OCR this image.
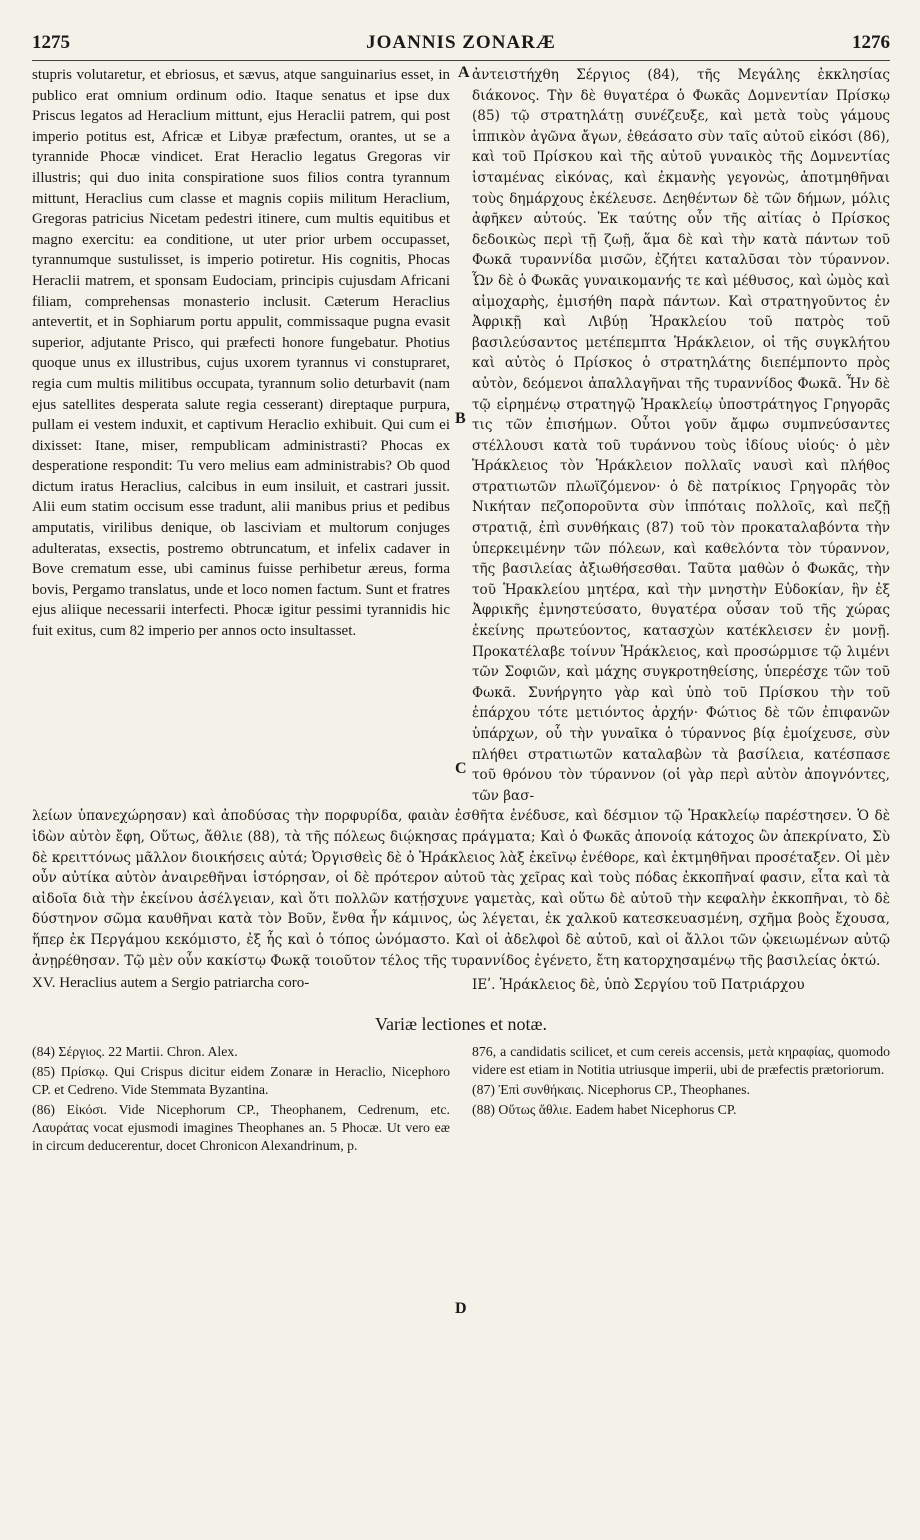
1275	JOANNIS ZONARÆ	1276
A
B
C
D

stupris volutaretur, et ebriosus, et sævus, atque sanguinarius esset, in publico erat omnium ordinum odio. Itaque senatus et ipse dux Priscus legatos ad Heraclium mittunt, ejus Heraclii patrem, qui post imperio potitus est, Africæ et Libyæ præfectum, orantes, ut se a tyrannide Phocæ vindicet. Erat Heraclio legatus Gregoras vir illustris; qui duo inita conspiratione suos filios contra tyrannum mittunt, Heraclius cum classe et magnis copiis militum Heraclium, Gregoras patricius Nicetam pedestri itinere, cum multis equitibus et magno exercitu: ea conditione, ut uter prior urbem occupasset, tyrannumque sustulisset, is imperio potiretur. His cognitis, Phocas Heraclii matrem, et sponsam Eudociam, principis cujusdam Africani filiam, comprehensas monasterio inclusit. Cæterum Heraclius antevertit, et in Sophiarum portu appulit, commissaque pugna evasit superior, adjutante Prisco, qui præfecti honore fungebatur. Photius quoque unus ex illustribus, cujus uxorem tyrannus vi constupraret, regia cum multis militibus occupata, tyrannum solio deturbavit (nam ejus satellites desperata salute regia cesserant) direptaque purpura, pullam ei vestem induxit, et captivum Heraclio exhibuit. Qui cum ei dixisset: Itane, miser, rempublicam administrasti? Phocas ex desperatione respondit: Tu vero melius eam administrabis? Ob quod dictum iratus Heraclius, calcibus in eum insiluit, et castrari jussit. Alii eum statim occisum esse tradunt, alii manibus prius et pedibus amputatis, virilibus denique, ob lasciviam et multorum conjuges adulteratas, exsectis, postremo obtruncatum, et infelix cadaver in Bove crematum esse, ubi caminus fuisse perhibetur æreus, forma bovis, Pergamo translatus, unde et loco nomen factum. Sunt et fratres ejus aliique necessarii interfecti. Phocæ igitur pessimi tyrannidis hic fuit exitus, cum 82 imperio per annos octo insultasset.

ἀντειστήχθη Σέργιος (84), τῆς Μεγάλης ἐκκλησίας διάκονος. Τὴν δὲ θυγατέρα ὁ Φωκᾶς Δομνεντίαν Πρίσκῳ (85) τῷ στρατηλάτῃ συνέζευξε, καὶ μετὰ τοὺς γάμους ἱππικὸν ἀγῶνα ἄγων, ἐθεάσατο σὺν ταῖς αὐτοῦ εἰκόσι (86), καὶ τοῦ Πρίσκου καὶ τῆς αὐτοῦ γυναικὸς τῆς Δομνεντίας ἱσταμένας εἰκόνας, καὶ ἐκμανὴς γεγονὼς, ἀποτμηθῆναι τοὺς δημάρχους ἐκέλευσε. Δεηθέντων δὲ τῶν δήμων, μόλις ἀφῆκεν αὐτούς. Ἐκ ταύτης οὖν τῆς αἰτίας ὁ Πρίσκος δεδοικὼς περὶ τῇ ζωῇ, ἅμα δὲ καὶ τὴν κατὰ πάντων τοῦ Φωκᾶ τυραννίδα μισῶν, ἐζήτει καταλῦσαι τὸν τύραννον. Ὧν δὲ ὁ Φωκᾶς γυναικομανής τε καὶ μέθυσος, καὶ ὠμὸς καὶ αἱμοχαρὴς, ἐμισήθη παρὰ πάντων. Καὶ στρατηγοῦντος ἐν Ἀφρικῇ καὶ Λιβύῃ Ἡρακλείου τοῦ πατρὸς τοῦ βασιλεύσαντος μετέπεμπτα Ἡράκλειον, οἱ τῆς συγκλήτου καὶ αὐτὸς ὁ Πρίσκος ὁ στρατηλάτης διεπέμποντο πρὸς αὐτὸν, δεόμενοι ἀπαλλαγῆναι τῆς τυραννίδος Φωκᾶ. Ἦν δὲ τῷ εἰρημένῳ στρατηγῷ Ἡρακλείῳ ὑποστράτηγος Γρηγορᾶς τις τῶν ἐπισήμων. Οὗτοι γοῦν ἄμφω συμπνεύσαντες στέλλουσι κατὰ τοῦ τυράννου τοὺς ἰδίους υἱούς· ὁ μὲν Ἡράκλειος τὸν Ἡράκλειον πολλαῖς ναυσὶ καὶ πλήθος στρατιωτῶν πλωϊζόμενον· ὁ δὲ πατρίκιος Γρηγορᾶς τὸν Νικήταν πεζοπορoῦντα σὺν ἱππόταις πολλοῖς, καὶ πεζῇ στρατιᾷ, ἐπὶ συνθήκαις (87) τοῦ τὸν προκαταλαβόντα τὴν ὑπερκειμένην τῶν πόλεων, καὶ καθελόντα τὸν τύραννον, τῆς βασιλείας ἀξιωθήσεσθαι. Ταῦτα μαθὼν ὁ Φωκᾶς, τὴν τοῦ Ἡρακλείου μητέρα, καὶ τὴν μνηστὴν Εὐδοκίαν, ἣν ἐξ Ἀφρικῆς ἐμνηστεύσατο, θυγατέρα οὖσαν τοῦ τῆς χώρας ἐκείνης πρωτεύοντος, κατασχὼν κατέκλεισεν ἐν μονῇ. Προκατέλαβε τοίνυν Ἡράκλειος, καὶ προσώρμισε τῷ λιμένι τῶν Σοφιῶν, καὶ μάχης συγκροτηθείσης, ὑπερέσχε τῶν τοῦ Φωκᾶ. Συνήργητο γὰρ καὶ ὑπὸ τοῦ Πρίσκου τὴν τοῦ ἐπάρχου τότε μετιόντος ἀρχήν· Φώτιος δὲ τῶν ἐπιφανῶν ὑπάρχων, οὗ τὴν γυναῖκα ὁ τύραννος βίᾳ ἐμοίχευσε, σὺν πλήθει στρατιωτῶν καταλαβὼν τὰ βασίλεια, κατέσπασε τοῦ θρόνου τὸν τύραννον (οἱ γὰρ περὶ αὐτὸν ἀπογνόντες, τῶν βασ-

λείων ὑπανεχώρησαν) καὶ ἀποδύσας τὴν πορφυρίδα, φαιὰν ἐσθῆτα ἐνέδυσε, καὶ δέσμιον τῷ Ἡρακλείῳ παρέστησεν. Ὁ δὲ ἰδὼν αὐτὸν ἔφη, Οὕτως, ἄθλιε (88), τὰ τῆς πόλεως διῴκησας πράγματα; Καὶ ὁ Φωκᾶς ἀπονοίᾳ κάτοχος ὢν ἀπεκρίνατο, Σὺ δὲ κρειττόνως μᾶλλον διοικήσεις αὐτά; Ὀργισθεὶς δὲ ὁ Ἡράκλειος λὰξ ἐκεῖνῳ ἐνέθορε, καὶ ἐκτμηθῆναι προσέταξεν. Οἱ μὲν οὖν αὐτίκα αὐτὸν ἀναιρεθῆναι ἱστόρησαν, οἱ δὲ πρότερον αὐτοῦ τὰς χεῖρας καὶ τοὺς πόδας ἐκκοπῆναί φασιν, εἶτα καὶ τὰ αἰδοῖα διὰ τὴν ἐκείνου ἀσέλγειαν, καὶ ὅτι πολλῶν κατῄσχυνε γαμετὰς, καὶ οὕτω δὲ αὐτοῦ τὴν κεφαλὴν ἐκκοπῆναι, τὸ δὲ δύστηνον σῶμα καυθῆναι κατὰ τὸν Βοῦν, ἔνθα ἦν κάμινος, ὡς λέγεται, ἐκ χαλκοῦ κατεσκευασμένη, σχῆμα βοὸς ἔχουσα, ἥπερ ἐκ Περγάμου κεκόμιστο, ἐξ ἧς καὶ ὁ τόπος ὠνόμαστο. Καὶ οἱ ἀδελφοὶ δὲ αὐτοῦ, καὶ οἱ ἄλλοι τῶν ᾠκειωμένων αὐτῷ ἀνῃρέθησαν. Τῷ μὲν οὖν κακίστῳ Φωκᾷ τοιοῦτον τέλος τῆς τυραννίδος ἐγένετο, ἔτη κατορχησαμένῳ τῆς βασιλείας ὀκτώ.

XV. Heraclius autem a Sergio patriarcha coro-	ΙΕʹ. Ἡράκλειος δὲ, ὑπὸ Σεργίου τοῦ Πατριάρχου
Variæ lectiones et notæ.

(84) Σέργιος. 22 Martii. Chron. Alex.

(85) Πρίσκῳ. Qui Crispus dicitur eidem Zonaræ in Heraclio, Nicephoro CP. et Cedreno. Vide Stemmata Byzantina.

(86) Εἰκόσι. Vide Nicephorum CP., Theophanem, Cedrenum, etc. Λαυράτας vocat ejusmodi imagines Theophanes an. 5 Phocæ. Ut vero eæ in circum deducerentur, docet Chronicon Alexandrinum, p.

876, a candidatis scilicet, et cum cereis accensis, μετὰ κηραφίας, quomodo videre est etiam in Notitia utriusque imperii, ubi de præfectis prætoriorum.

(87) Ἐπὶ συνθήκαις. Nicephorus CP., Theophanes.

(88) Οὕτως ἄθλιε. Eadem habet Nicephorus CP.
